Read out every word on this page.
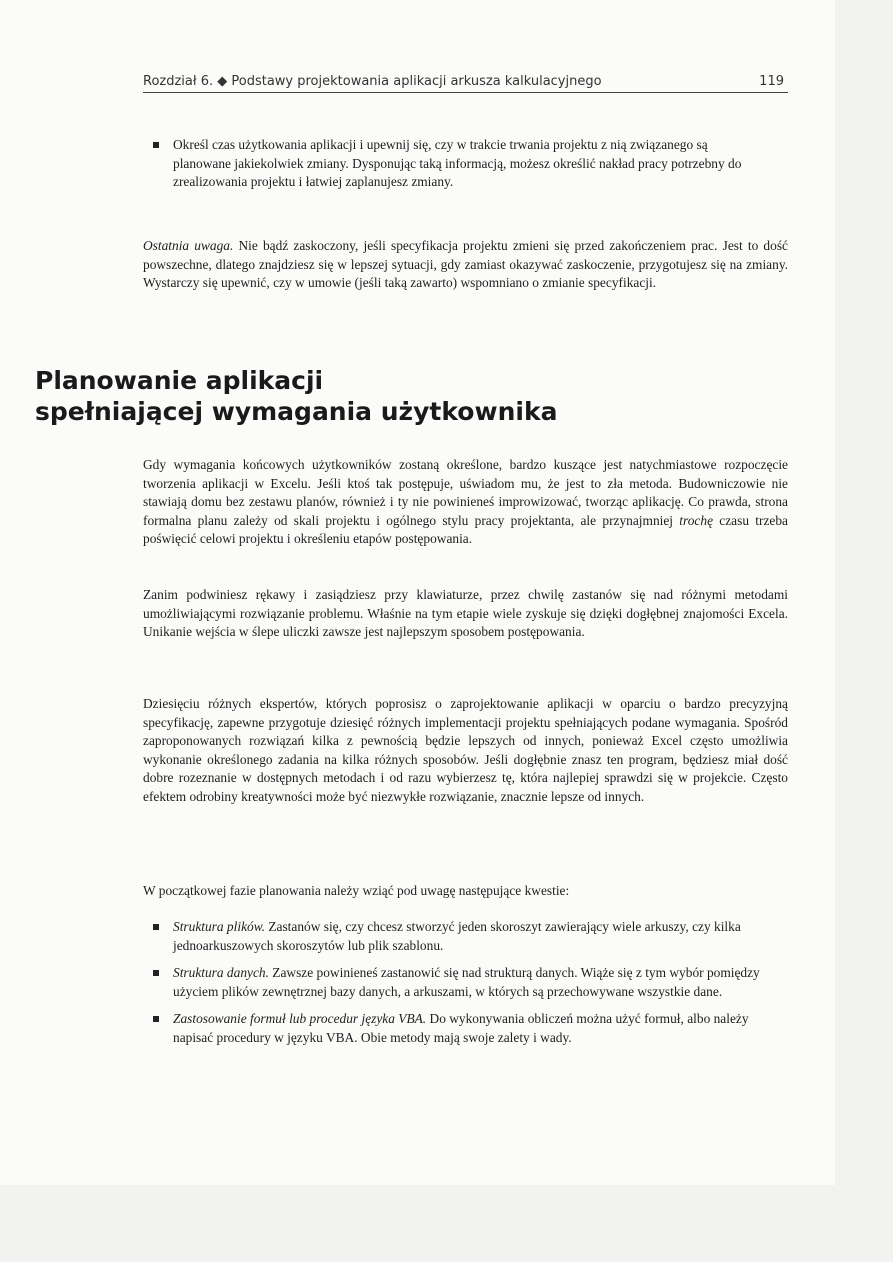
Rozdział 6. ◆ Podstawy projektowania aplikacji arkusza kalkulacyjnego	119
Określ czas użytkowania aplikacji i upewnij się, czy w trakcie trwania projektu z nią związanego są planowane jakiekolwiek zmiany. Dysponując taką informacją, możesz określić nakład pracy potrzebny do zrealizowania projektu i łatwiej zaplanujesz zmiany.

Ostatnia uwaga. Nie bądź zaskoczony, jeśli specyfikacja projektu zmieni się przed zakończeniem prac. Jest to dość powszechne, dlatego znajdziesz się w lepszej sytuacji, gdy zamiast okazywać zaskoczenie, przygotujesz się na zmiany. Wystarczy się upewnić, czy w umowie (jeśli taką zawarto) wspomniano o zmianie specyfikacji.

Planowanie aplikacji
spełniającej wymagania użytkownika

Gdy wymagania końcowych użytkowników zostaną określone, bardzo kuszące jest natychmiastowe rozpoczęcie tworzenia aplikacji w Excelu. Jeśli ktoś tak postępuje, uświadom mu, że jest to zła metoda. Budowniczowie nie stawiają domu bez zestawu planów, również i ty nie powinieneś improwizować, tworząc aplikację. Co prawda, strona formalna planu zależy od skali projektu i ogólnego stylu pracy projektanta, ale przynajmniej trochę czasu trzeba poświęcić celowi projektu i określeniu etapów postępowania.

Zanim podwiniesz rękawy i zasiądziesz przy klawiaturze, przez chwilę zastanów się nad różnymi metodami umożliwiającymi rozwiązanie problemu. Właśnie na tym etapie wiele zyskuje się dzięki dogłębnej znajomości Excela. Unikanie wejścia w ślepe uliczki zawsze jest najlepszym sposobem postępowania.

Dziesięciu różnych ekspertów, których poprosisz o zaprojektowanie aplikacji w oparciu o bardzo precyzyjną specyfikację, zapewne przygotuje dziesięć różnych implementacji projektu spełniających podane wymagania. Spośród zaproponowanych rozwiązań kilka z pewnością będzie lepszych od innych, ponieważ Excel często umożliwia wykonanie określonego zadania na kilka różnych sposobów. Jeśli dogłębnie znasz ten program, będziesz miał dość dobre rozeznanie w dostępnych metodach i od razu wybierzesz tę, która najlepiej sprawdzi się w projekcie. Często efektem odrobiny kreatywności może być niezwykłe rozwiązanie, znacznie lepsze od innych.

W początkowej fazie planowania należy wziąć pod uwagę następujące kwestie:

Struktura plików. Zastanów się, czy chcesz stworzyć jeden skoroszyt zawierający wiele arkuszy, czy kilka jednoarkuszowych skoroszytów lub plik szablonu.
Struktura danych. Zawsze powinieneś zastanowić się nad strukturą danych. Wiąże się z tym wybór pomiędzy użyciem plików zewnętrznej bazy danych, a arkuszami, w których są przechowywane wszystkie dane.
Zastosowanie formuł lub procedur języka VBA. Do wykonywania obliczeń można użyć formuł, albo należy napisać procedury w języku VBA. Obie metody mają swoje zalety i wady.
